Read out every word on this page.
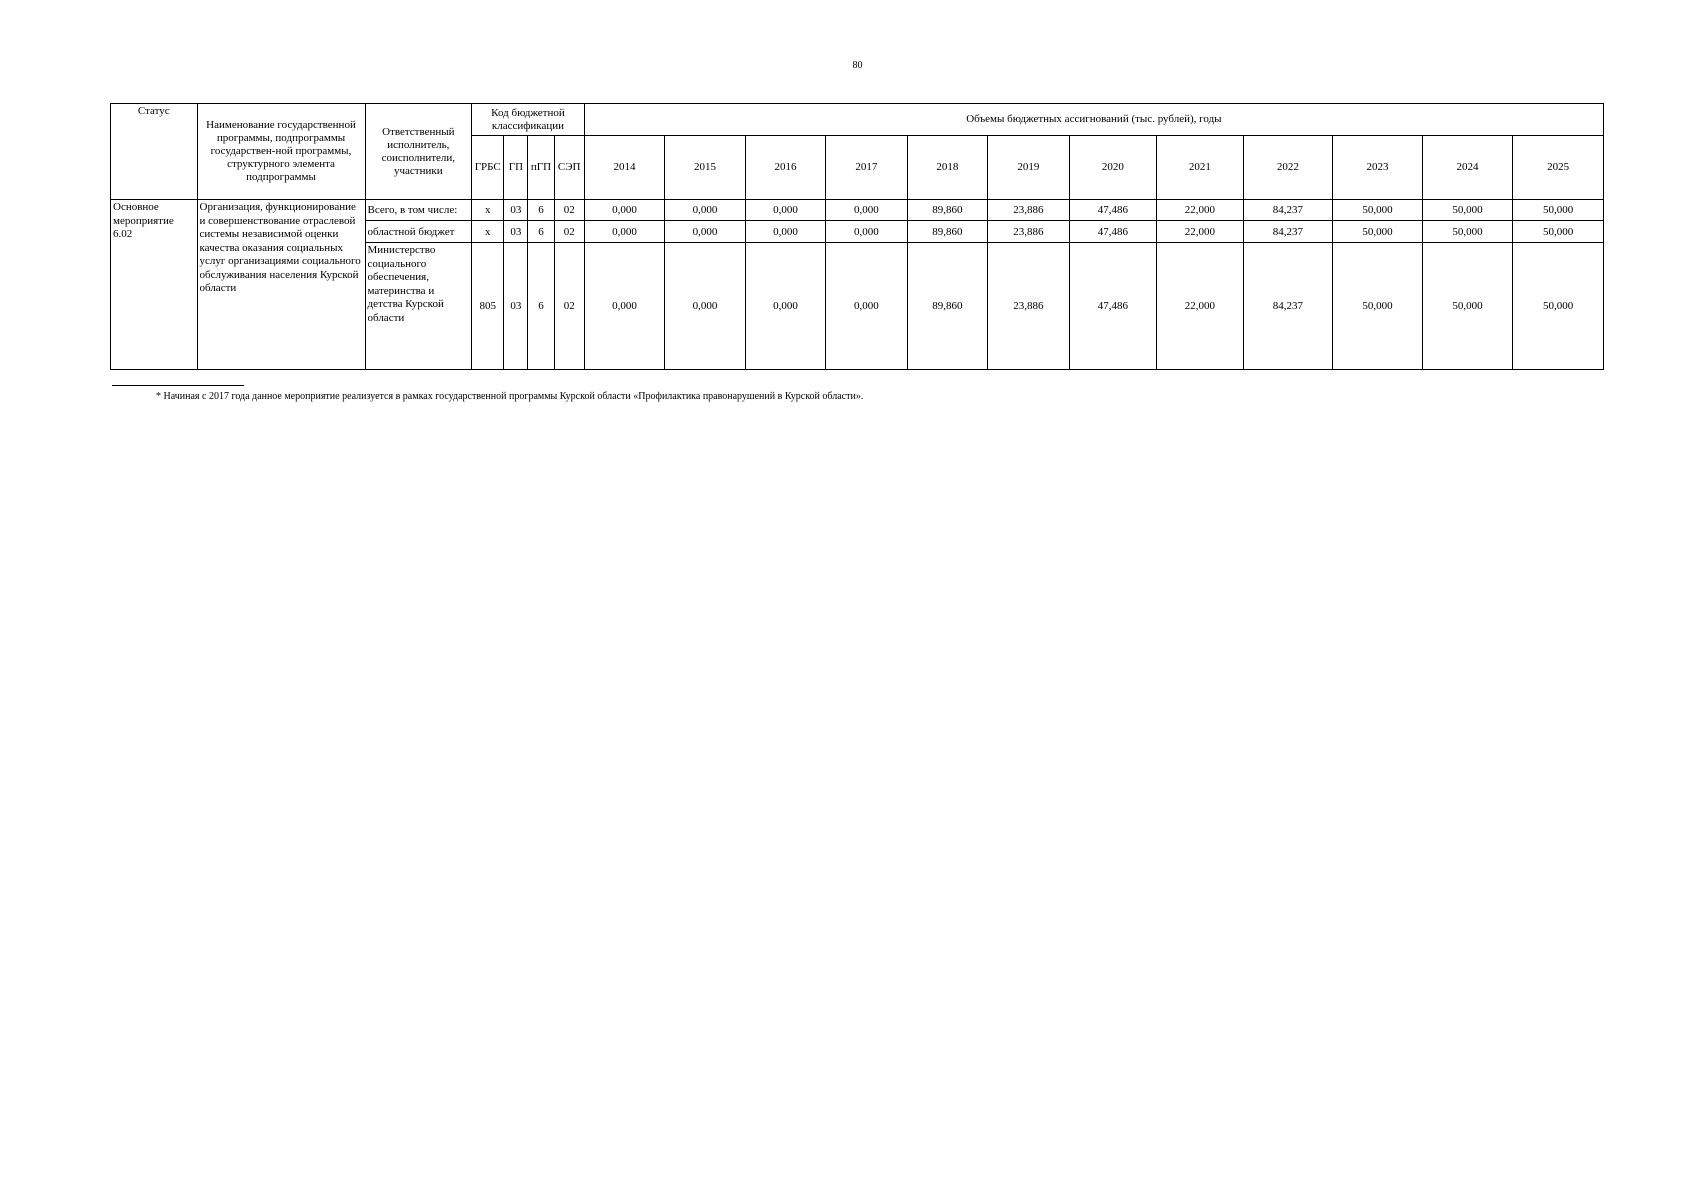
80
Статус	Наименование государственной программы, подпрограммы государствен-ной программы, структурного элемента подпрограммы	Ответственный исполнитель, соисполнители, участники	Код бюджетной классификации				Объемы бюджетных ассигнований (тыс. рублей), годы											
			ГРБС	ГП	пГП	СЭП	2014	2015	2016	2017	2018	2019	2020	2021	2022	2023	2024	2025
Основное мероприятие 6.02	Организация, функционирование и совершенствование отраслевой системы независимой оценки качества оказания социальных услуг организациями социального обслуживания населения Курской области	Всего, в том числе:	х	03	6	02	0,000	0,000	0,000	0,000	89,860	23,886	47,486	22,000	84,237	50,000	50,000	50,000
		областной бюджет	х	03	6	02	0,000	0,000	0,000	0,000	89,860	23,886	47,486	22,000	84,237	50,000	50,000	50,000
		Министерство социального обеспечения, материнства и детства Курской области	805	03	6	02	0,000	0,000	0,000	0,000	89,860	23,886	47,486	22,000	84,237	50,000	50,000	50,000
* Начиная с 2017 года данное мероприятие реализуется в рамках государственной программы Курской области «Профилактика правонарушений в Курской области».
